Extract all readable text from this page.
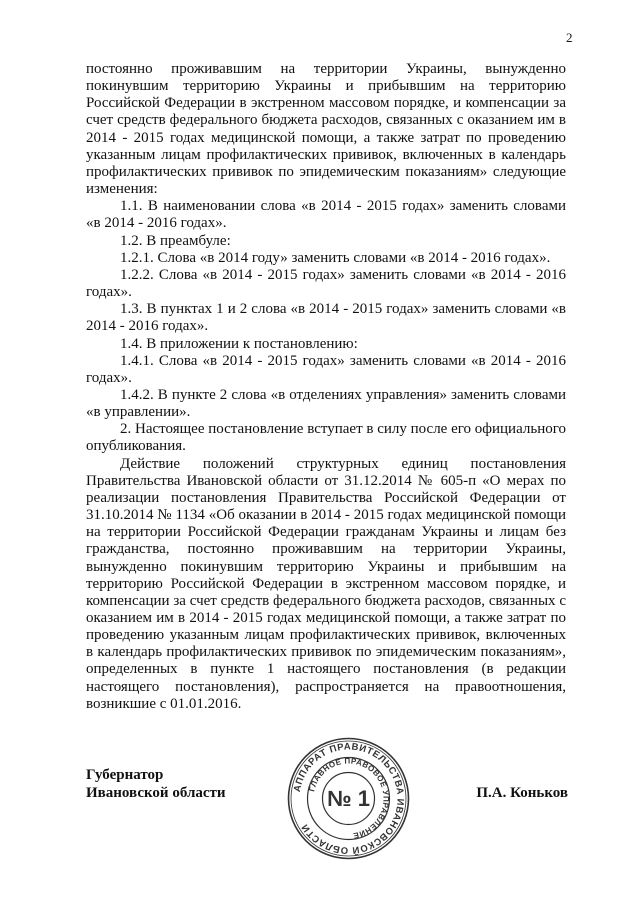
2

постоянно проживавшим на территории Украины, вынужденно покинувшим территорию Украины и прибывшим на территорию Российской Федерации в экстренном массовом порядке, и компенсации за счет средств федерального бюджета расходов, связанных с оказанием им в 2014 - 2015 годах медицинской помощи, а также затрат по проведению указанным лицам профилактических прививок, включенных в календарь профилактических прививок по эпидемическим показаниям» следующие изменения:

1.1. В наименовании слова «в 2014 - 2015 годах» заменить словами «в 2014 - 2016 годах».

1.2. В преамбуле:

1.2.1. Слова «в 2014 году» заменить словами «в 2014 - 2016 годах».

1.2.2. Слова «в 2014 - 2015 годах» заменить словами «в 2014 - 2016 годах».

1.3. В пунктах 1 и 2 слова «в 2014 - 2015 годах» заменить словами «в 2014 - 2016 годах».

1.4. В приложении к постановлению:

1.4.1. Слова «в 2014 - 2015 годах» заменить словами «в 2014 - 2016 годах».

1.4.2. В пункте 2 слова «в отделениях управления» заменить словами «в управлении».

2. Настоящее постановление вступает в силу после его официального опубликования.

Действие положений структурных единиц постановления Правительства Ивановской области от 31.12.2014 № 605-п «О мерах по реализации постановления Правительства Российской Федерации от 31.10.2014 № 1134 «Об оказании в 2014 - 2015 годах медицинской помощи на территории Российской Федерации гражданам Украины и лицам без гражданства, постоянно проживавшим на территории Украины, вынужденно покинувшим территорию Украины и прибывшим на территорию Российской Федерации в экстренном массовом порядке, и компенсации за счет средств федерального бюджета расходов, связанных с оказанием им в 2014 - 2015 годах медицинской помощи, а также затрат по проведению указанным лицам профилактических прививок, включенных в календарь профилактических прививок по эпидемическим показаниям», определенных в пункте 1 настоящего постановления (в редакции настоящего постановления), распространяется на правоотношения, возникшие с 01.01.2016.

Губернатор
Ивановской области	П.А. Коньков
АППАРАТ ПРАВИТЕЛЬСТВА ИВАНОВСКОЙ ОБЛАСТИ
ГЛАВНОЕ ПРАВОВОЕ УПРАВЛЕНИЕ
№ 1
